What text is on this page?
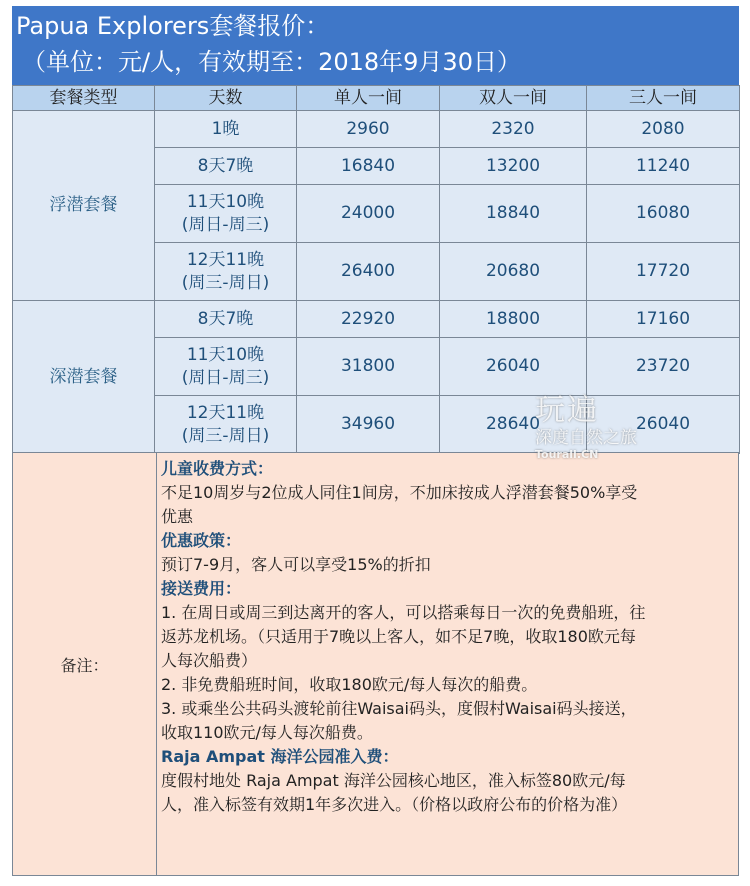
Papua Explorers套餐报价：
（单位：元/人，有效期至：2018年9月30日）
套餐类型	天数	单人一间	双人一间	三人一间
浮潜套餐	1晚	2960	2320	2080

	8天7晚	16840	13200	11240

	11天10晚
(周日-周三)	24000	18840	16080

	12天11晚
(周三-周日)	26400	20680	17720
深潜套餐	8天7晚	22920	18800	17160

	11天10晚
(周日-周三)	31800	26040	23720

	12天11晚
(周三-周日)	34960	28640	26040
备注：	
儿童收费方式：
不足10周岁与2位成人同住1间房，不加床按成人浮潜套餐50%享受
优惠
优惠政策：
预订7-9月，客人可以享受15%的折扣
接送费用：
1. 在周日或周三到达离开的客人，可以搭乘每日一次的免费船班，往
返苏龙机场。（只适用于7晚以上客人，如不足7晚，收取180欧元每
人每次船费）
2. 非免费船班时间，收取180欧元/每人每次的船费。
3. 或乘坐公共码头渡轮前往Waisai码头，度假村Waisai码头接送，
收取110欧元/每人每次船费。
Raja Ampat 海洋公园准入费：
度假村地处 Raja Ampat 海洋公园核心地区，准入标签80欧元/每
人，准入标签有效期1年多次进入。（价格以政府公布的价格为准）
玩遍
深度自然之旅
Tourall.CN
